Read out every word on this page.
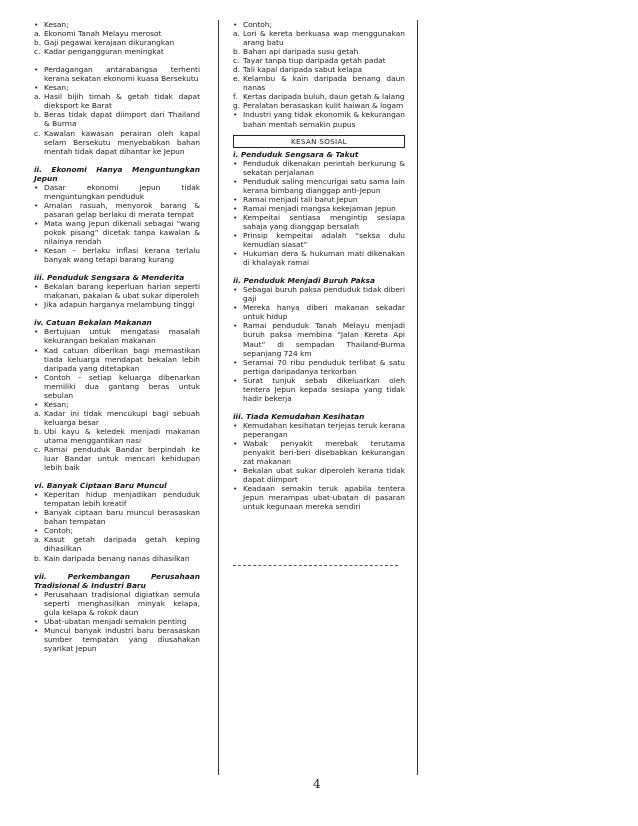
• Kesan;
a. Ekonomi Tanah Melayu merosot
b. Gaji pegawai kerajaan dikurangkan
c. Kadar pengangguran meningkat
• Perdagangan antarabangsa terhenti kerana sekatan ekonomi kuasa Bersekutu
• Kesan;
a. Hasil bijih timah & getah tidak dapat dieksport ke Barat
b. Beras tidak dapat diimport dari Thailand & Burma
c. Kawalan kawasan perairan oleh kapal selam Bersekutu menyebabkan bahan mentah tidak dapat dihantar ke Jepun
ii. Ekonomi Hanya Menguntungkan Jepun
• Dasar ekonomi Jepun tidak menguntungkan penduduk
• Amalan rasuah, menyorok barang & pasaran gelap berlaku di merata tempat
• Mata wang Jepun dikenali sebagai “wang pokok pisang” dicetak tanpa kawalan & nilainya rendah
• Kesan – berlaku inflasi kerana terlalu banyak wang tetapi barang kurang
iii. Penduduk Sengsara & Menderita
• Bekalan barang keperluan harian seperti makanan, pakaian & ubat sukar diperoleh
• Jika adapun harganya melambung tinggi
iv. Catuan Bekalan Makanan
• Bertujuan untuk mengatasi masalah kekurangan bekalan makanan
• Kad catuan diberikan bagi memastikan tiada keluarga mendapat bekalan lebih daripada yang ditetapkan
• Contoh – setiap keluarga dibenarkan memiliki dua gantang beras untuk sebulan
• Kesan;
a. Kadar ini tidak mencukupi bagi sebuah keluarga besar
b. Ubi kayu & keledek menjadi makanan utama menggantikan nasi
c. Ramai penduduk Bandar berpindah ke luar Bandar untuk mencari kehidupan lebih baik
vi. Banyak Ciptaan Baru Muncul
• Keperitan hidup menjadikan penduduk tempatan lebih kreatif
• Banyak ciptaan baru muncul berasaskan bahan tempatan
• Contoh;
a. Kasut getah daripada getah keping dihasilkan
b. Kain daripada benang nanas dihasilkan
vii. Perkembangan Perusahaan Tradisional & Industri Baru
• Perusahaan tradisional digiatkan semula seperti menghasilkan minyak kelapa, gula kelapa & rokok daun
• Ubat-ubatan menjadi semakin penting
• Muncul banyak industri baru berasaskan sumber tempatan yang diusahakan syarikat Jepun
• Contoh;
a. Lori & kereta berkuasa wap menggunakan arang batu
b. Bahan api daripada susu getah
c. Tayar tanpa tiup daripada getah padat
d. Tali kapal daripada sabut kelapa
e. Kelambu & kain daripada benang daun nanas
f. Kertas daripada buluh, daun getah & lalang
g. Peralatan berasaskan kulit haiwan & logam
• Industri yang tidak ekonomik & kekurangan bahan mentah semakin pupus
KESAN SOSIAL
i. Penduduk Sengsara & Takut
• Penduduk dikenakan perintah berkurung & sekatan perjalanan
• Penduduk saling mencurigai satu sama lain kerana bimbang dianggap anti-Jepun
• Ramai menjadi tali barut Jepun
• Ramai menjadi mangsa kekejaman Jepun
• Kempeitai sentiasa mengintip sesiapa sahaja yang dianggap bersalah
• Prinsip kempeitai adalah “seksa dulu kemudian siasat”
• Hukuman dera & hukuman mati dikenakan di khalayak ramai
ii. Penduduk Menjadi Buruh Paksa
• Sebagai buruh paksa penduduk tidak diberi gaji
• Mereka hanya diberi makanan sekadar untuk hidup
• Ramai penduduk Tanah Melayu menjadi buruh paksa membina “Jalan Kereta Api Maut” di sempadan Thailand-Burma sepanjang 724 km
• Seramai 70 ribu penduduk terlibat & satu pertiga daripadanya terkorban
• Surat tunjuk sebab dikeluarkan oleh tentera Jepun kepada sesiapa yang tidak hadir bekerja
iii. Tiada Kemudahan Kesihatan
• Kemudahan kesihatan terjejas teruk kerana peperangan
• Wabak penyakit merebak terutama penyakit beri-beri disebabkan kekurangan zat makanan
• Bekalan ubat sukar diperoleh kerana tidak dapat diimport
• Keadaan semakin teruk apabila tentera Jepun merampas ubat-ubatan di pasaran untuk kegunaan mereka sendiri
4
